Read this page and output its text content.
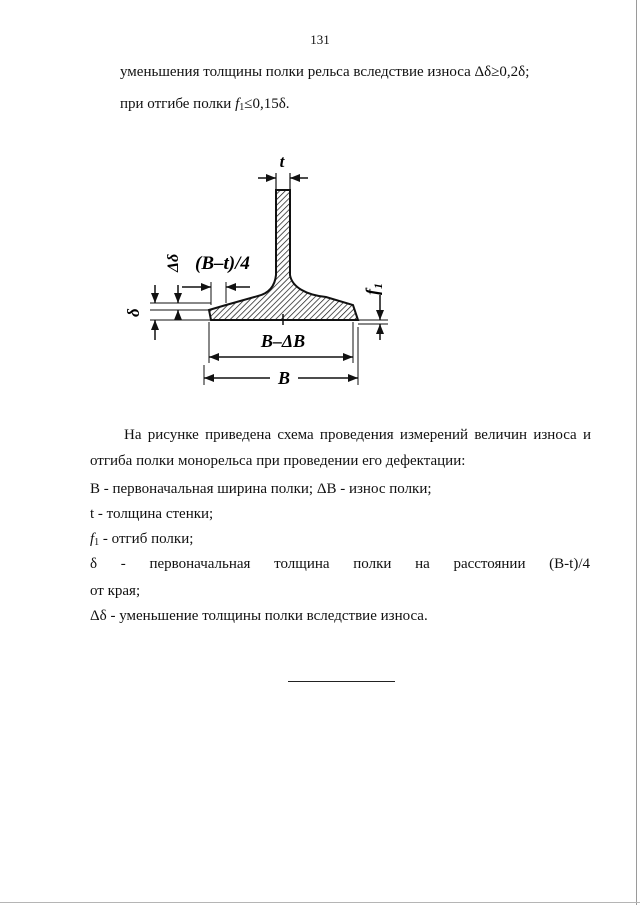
131
уменьшения толщины полки рельса вследствие износа Δδ≥0,2δ;
при отгибе полки $f_1\le 0,15\delta$.
t
(B–t)/4
Δδ
δ
$f_1$
B–ΔB
B
На рисунке приведена схема проведения измерений величин износа и
отгиба полки монорельса при проведении его дефектации:
B - первоначальная ширина полки; ΔB - износ полки;
t - толщина стенки;
$f_1$ - отгиб полки;
δ - первоначальная толщина полки на расстоянии (B-t)/4
от края;
Δδ - уменьшение толщины полки вследствие износа.
